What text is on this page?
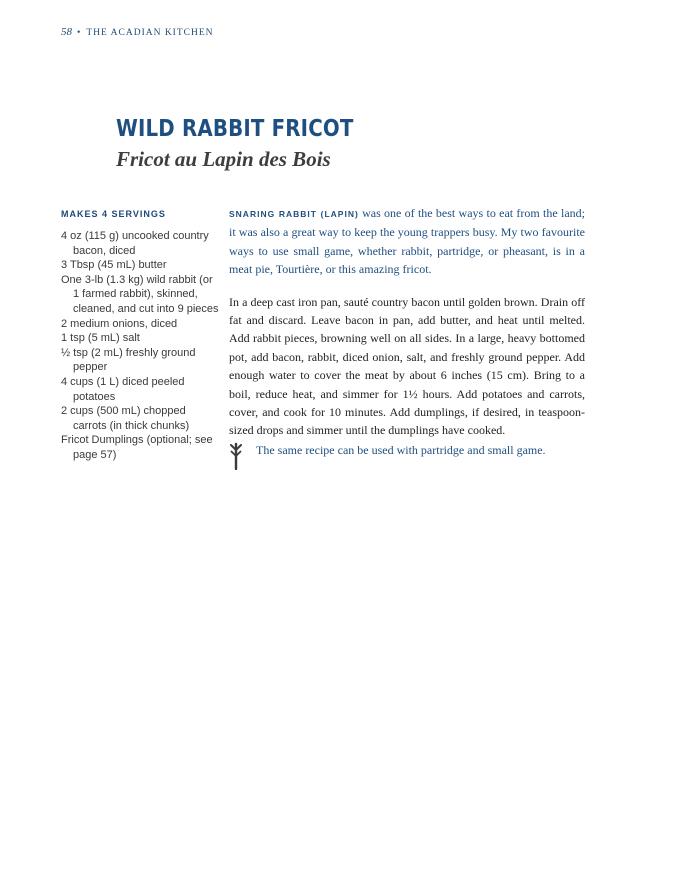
58 • THE ACADIAN KITCHEN
WILD RABBIT FRICOT
Fricot au Lapin des Bois
MAKES 4 SERVINGS
4 oz (115 g) uncooked country bacon, diced
3 Tbsp (45 mL) butter
One 3-lb (1.3 kg) wild rabbit (or 1 farmed rabbit), skinned, cleaned, and cut into 9 pieces
2 medium onions, diced
1 tsp (5 mL) salt
½ tsp (2 mL) freshly ground pepper
4 cups (1 L) diced peeled potatoes
2 cups (500 mL) chopped carrots (in thick chunks)
Fricot Dumplings (optional; see page 57)

SNARING RABBIT (LAPIN) was one of the best ways to eat from the land; it was also a great way to keep the young trappers busy. My two favourite ways to use small game, whether rabbit, partridge, or pheasant, is in a meat pie, Tourtière, or this amazing fricot.

In a deep cast iron pan, sauté country bacon until golden brown. Drain off fat and discard. Leave bacon in pan, add butter, and heat until melted. Add rabbit pieces, browning well on all sides. In a large, heavy bottomed pot, add bacon, rabbit, diced onion, salt, and freshly ground pepper. Add enough water to cover the meat by about 6 inches (15 cm). Bring to a boil, reduce heat, and simmer for 1½ hours. Add potatoes and carrots, cover, and cook for 10 minutes. Add dumplings, if desired, in teaspoon-sized drops and simmer until the dumplings have cooked.

The same recipe can be used with partridge and small game.
